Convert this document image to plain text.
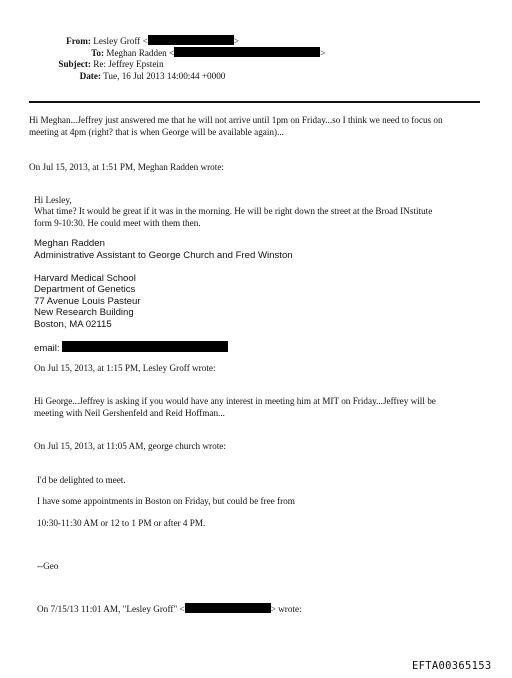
From: Lesley Groff <	>
To: Meghan Radden <	>
Subject: Re: Jeffrey Epstein
Date: Tue, 16 Jul 2013 14:00:44 +0000
Hi Meghan...Jeffrey just answered me that he will not arrive until 1pm on Friday...so I think we need to focus on
meeting at 4pm (right? that is when George will be available again)...
On Jul 15, 2013, at 1:51 PM, Meghan Radden wrote:
Hi Lesley,
What time? It would be great if it was in the morning. He will be right down the street at the Broad INstitute
form 9-10:30. He could meet with them then.
Meghan Radden
Administrative Assistant to George Church and Fred Winston
Harvard Medical School
Department of Genetics
77 Avenue Louis Pasteur
New Research Building
Boston, MA 02115
email:
On Jul 15, 2013, at 1:15 PM, Lesley Groff wrote:
Hi George...Jeffrey is asking if you would have any interest in meeting him at MIT on Friday...Jeffrey will be
meeting with Neil Gershenfeld and Reid Hoffman...
On Jul 15, 2013, at 11:05 AM, george church wrote:
I'd be delighted to meet.
I have some appointments in Boston on Friday, but could be free from
10:30-11:30 AM or 12 to 1 PM or after 4 PM.
--Geo
On 7/15/13 11:01 AM, "Lesley Groff" <	> wrote:
EFTA00365153
